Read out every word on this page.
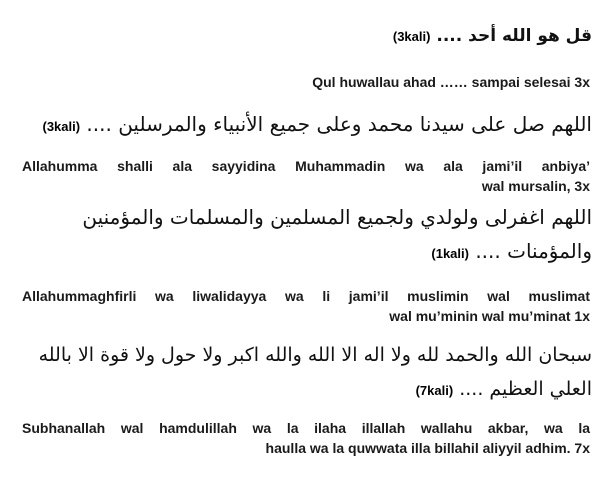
قل هو الله أحد .... (3kali)
Qul huwallau ahad …… sampai selesai 3x
اللهم صل على سيدنا محمد وعلى جميع الأنبياء والمرسلين .... (3kali)
Allahumma shalli ala sayyidina Muhammadin wa ala jami’il anbiya’
wal mursalin, 3x
اللهم اغفرلى ولولدي ولجميع المسلمين والمسلمات والمؤمنين والمؤمنات .... (1kali)
Allahummaghfirli wa liwalidayya wa li jami’il muslimin wal muslimat
wal mu’minin wal mu’minat 1x
سبحان الله والحمد لله ولا اله الا الله والله اكبر ولا حول ولا قوة الا بالله العلي العظيم .... (7kali)
Subhanallah wal hamdulillah wa la ilaha illallah wallahu akbar, wa la
haulla wa la quwwata illa billahil aliyyil adhim. 7x
